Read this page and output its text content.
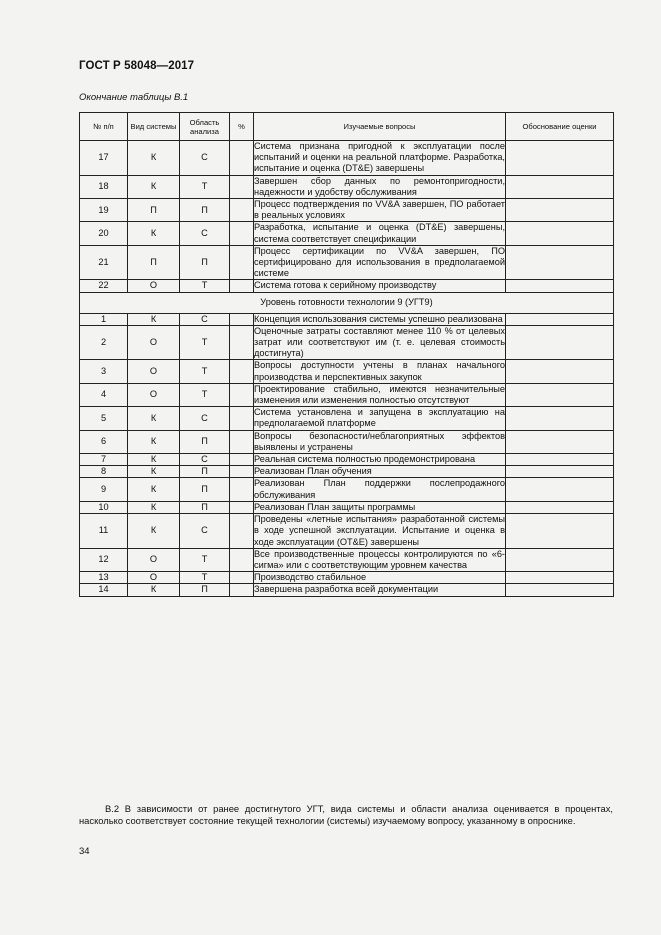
ГОСТ Р 58048—2017
Окончание таблицы В.1
№ п/п	Вид системы	Область анализа	%	Изучаемые вопросы	Обоснование оценки
17	К	С		Система признана пригодной к эксплуатации после испытаний и оценки на реальной платформе. Разработка, испытание и оценка (DT&E) завершены	
18	К	Т		Завершен сбор данных по ремонтопригодности, надежности и удобству обслуживания	
19	П	П		Процесс подтверждения по VV&A завершен, ПО работает в реальных условиях	
20	К	С		Разработка, испытание и оценка (DT&E) завершены, система соответствует спецификации	
21	П	П		Процесс сертификации по VV&A завершен, ПО сертифицировано для использования в предполагаемой системе	
22	О	Т		Система готова к серийному производству	
Уровень готовности технологии 9 (УГТ9)					
1	К	С		Концепция использования системы успешно реализована	
2	О	Т		Оценочные затраты составляют менее 110 % от целевых затрат или соответствуют им (т. е. целевая стоимость достигнута)	
3	О	Т		Вопросы доступности учтены в планах начального производства и перспективных закупок	
4	О	Т		Проектирование стабильно, имеются незначительные изменения или изменения полностью отсутствуют	
5	К	С		Система установлена и запущена в эксплуатацию на предполагаемой платформе	
6	К	П		Вопросы безопасности/неблагоприятных эффектов выявлены и устранены	
7	К	С		Реальная система полностью продемонстрирована	
8	К	П		Реализован План обучения	
9	К	П		Реализован План поддержки послепродажного обслуживания	
10	К	П		Реализован План защиты программы	
11	К	С		Проведены «летные испытания» разработанной системы в ходе успешной эксплуатации. Испытание и оценка в ходе эксплуатации (OT&E) завершены	
12	О	Т		Все производственные процессы контролируются по «6-сигма» или с соответствующим уровнем качества	
13	О	Т		Производство стабильное	
14	К	П		Завершена разработка всей документации	
В.2 В зависимости от ранее достигнутого УГТ, вида системы и области анализа оценивается в процентах, насколько соответствует состояние текущей технологии (системы) изучаемому вопросу, указанному в опроснике.
34
